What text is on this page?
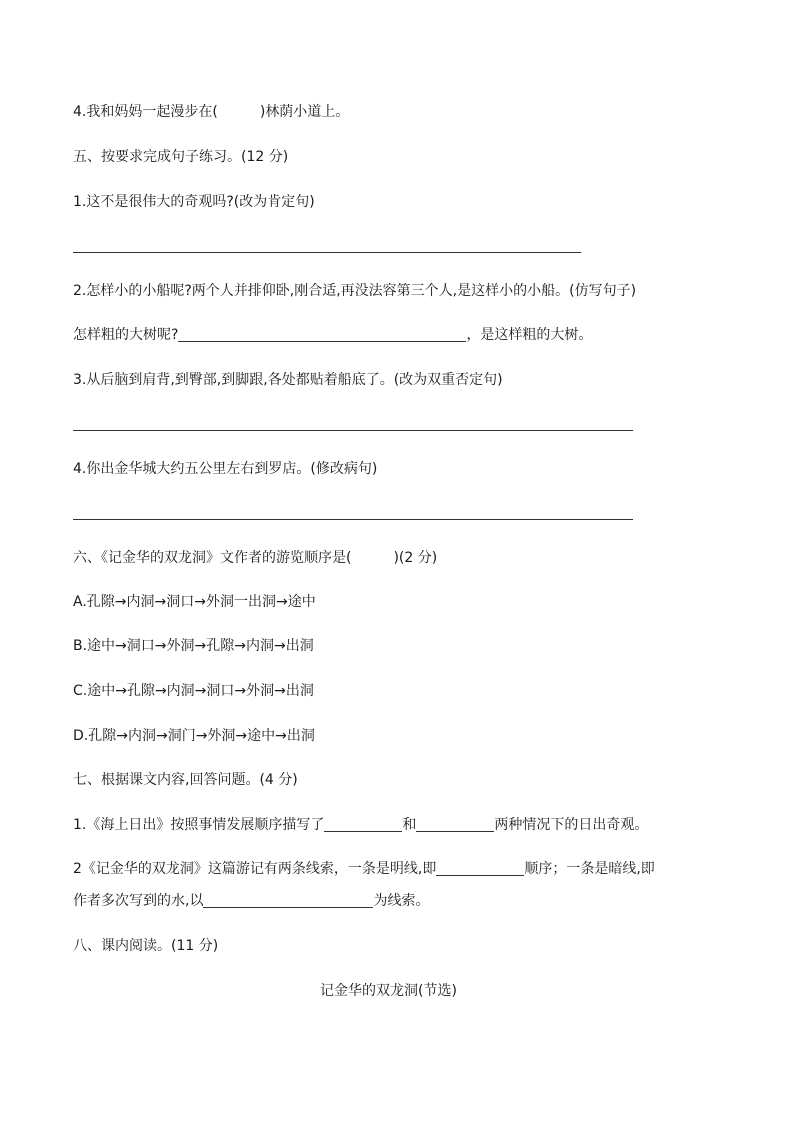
4.我和妈妈一起漫步在(　　　)林荫小道上。
五、按要求完成句子练习。(12 分)
1.这不是很伟大的奇观吗?(改为肯定句)
2.怎样小的小船呢?两个人并排仰卧,刚合适,再没法容第三个人,是这样小的小船。(仿写句子)
怎样粗的大树呢?	，是这样粗的大树。
3.从后脑到肩背,到臀部,到脚跟,各处都贴着船底了。(改为双重否定句)
4.你出金华城大约五公里左右到罗店。(修改病句)
六、《记金华的双龙洞》文作者的游览顺序是(　　　)(2 分)
A.孔隙→内洞→洞口→外洞一出洞→途中
B.途中→洞口→外洞→孔隙→内洞→出洞
C.途中→孔隙→内洞→洞口→外洞→出洞
D.孔隙→内洞→洞门→外洞→途中→出洞
七、根据课文内容,回答问题。(4 分)
1.《海上日出》按照事情发展顺序描写了	和	两种情况下的日出奇观。
2《记金华的双龙洞》这篇游记有两条线索，一条是明线,即	顺序；一条是暗线,即
作者多次写到的水,以	为线索。
八、课内阅读。(11 分)
记金华的双龙洞(节选)
